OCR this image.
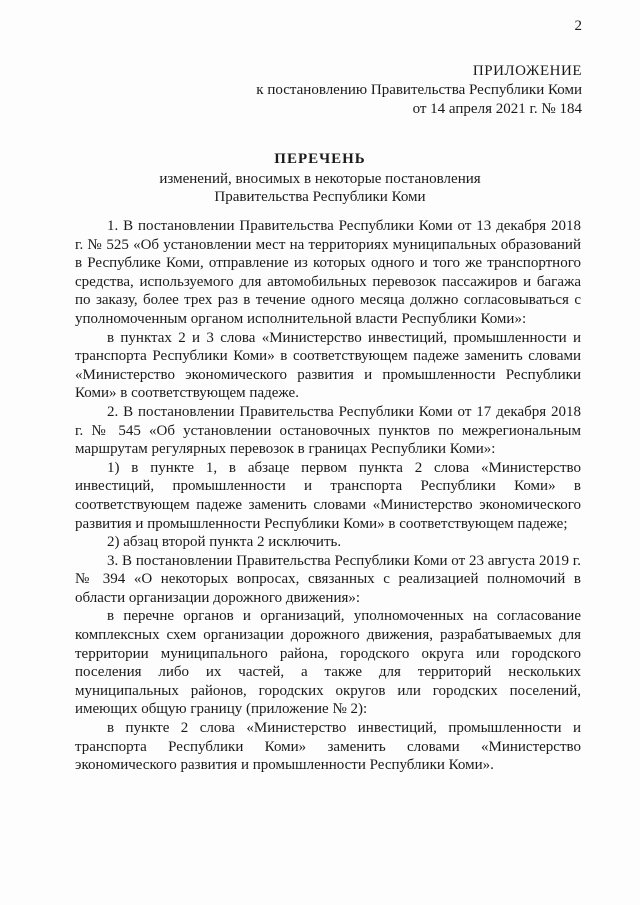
2
ПРИЛОЖЕНИЕ
к постановлению Правительства Республики Коми
от 14 апреля 2021 г. № 184
ПЕРЕЧЕНЬ
изменений, вносимых в некоторые постановления
Правительства Республики Коми

1. В постановлении Правительства Республики Коми от 13 декабря 2018 г. № 525 «Об установлении мест на территориях муниципальных образований в Республике Коми, отправление из которых одного и того же транспортного средства, используемого для автомобильных перевозок пассажиров и багажа по заказу, более трех раз в течение одного месяца должно согласовываться с уполномоченным органом исполнительной власти Республики Коми»:

в пунктах 2 и 3 слова «Министерство инвестиций, промышленности и транспорта Республики Коми» в соответствующем падеже заменить словами «Министерство экономического развития и промышленности Республики Коми» в соответствующем падеже.

2. В постановлении Правительства Республики Коми от 17 декабря 2018 г. № 545 «Об установлении остановочных пунктов по межрегиональным маршрутам регулярных перевозок в границах Республики Коми»:

1) в пункте 1, в абзаце первом пункта 2 слова «Министерство инвестиций, промышленности и транспорта Республики Коми» в соответствующем падеже заменить словами «Министерство экономического развития и промышленности Республики Коми» в соответствующем падеже;

2) абзац второй пункта 2 исключить.

3. В постановлении Правительства Республики Коми от 23 августа 2019 г. № 394 «О некоторых вопросах, связанных с реализацией полномочий в области организации дорожного движения»:

в перечне органов и организаций, уполномоченных на согласование комплексных схем организации дорожного движения, разрабатываемых для территории муниципального района, городского округа или городского поселения либо их частей, а также для территорий нескольких муниципальных районов, городских округов или городских поселений, имеющих общую границу (приложение № 2):

в пункте 2 слова «Министерство инвестиций, промышленности и транспорта Республики Коми» заменить словами «Министерство экономического развития и промышленности Республики Коми».
